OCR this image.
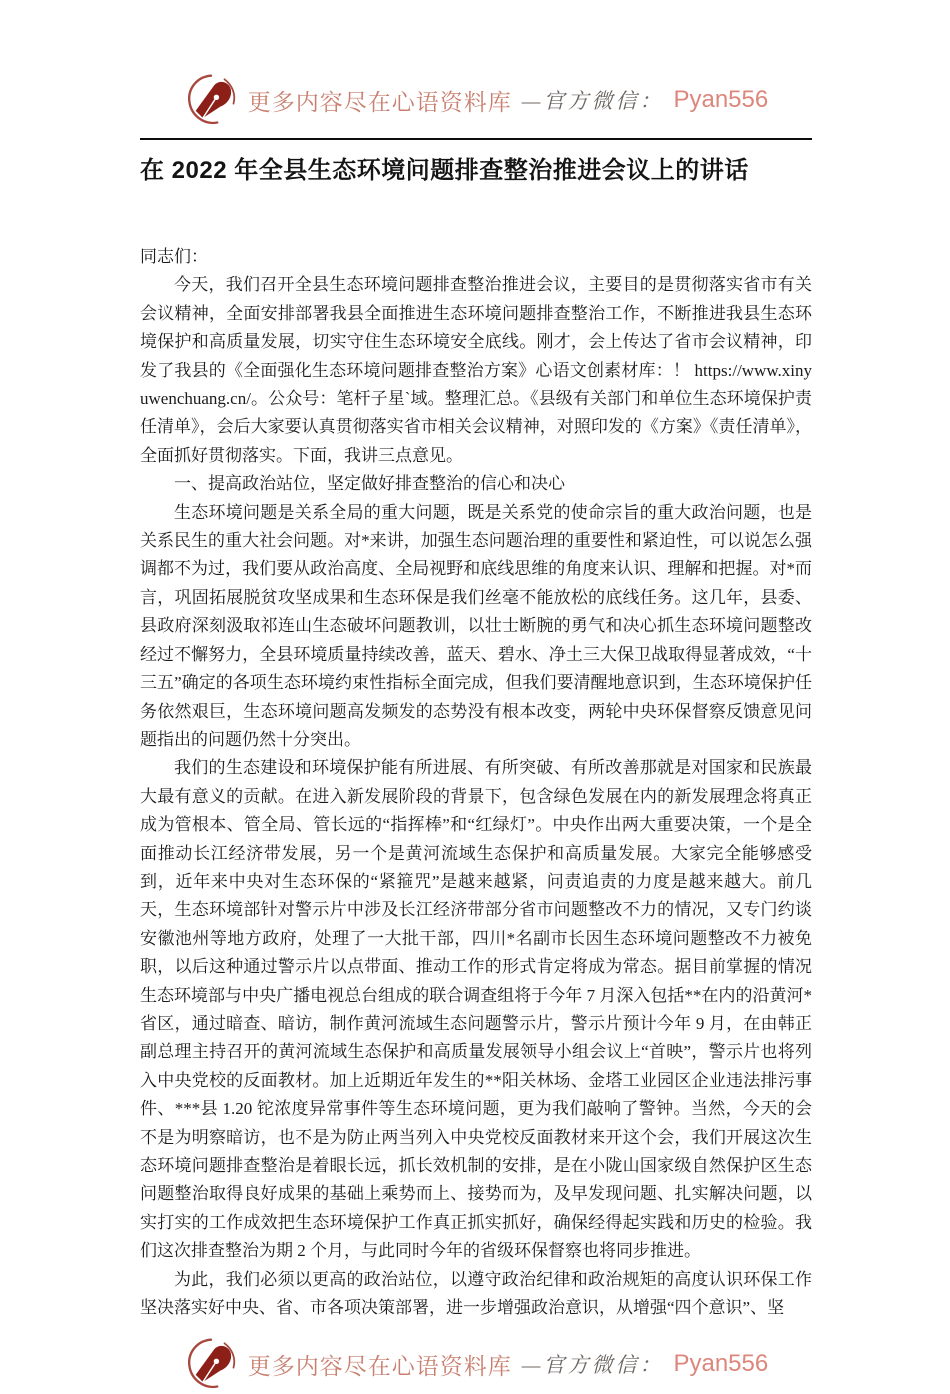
更多内容尽在心语资料库 —官方微信： Pyan556
在 2022 年全县生态环境问题排查整治推进会议上的讲话

同志们：

今天，我们召开全县生态环境问题排查整治推进会议，主要目的是贯彻落实省市有关会议精神，全面安排部署我县全面推进生态环境问题排查整治工作，不断推进我县生态环境保护和高质量发展，切实守住生态环境安全底线。刚才，会上传达了省市会议精神，印发了我县的《全面强化生态环境问题排查整治方案》心语文创素材库：！ https://www.xinyuwenchuang.cn/。公众号：笔杆子星`域。整理汇总。《县级有关部门和单位生态环境保护责任清单》，会后大家要认真贯彻落实省市相关会议精神，对照印发的《方案》《责任清单》，全面抓好贯彻落实。下面，我讲三点意见。

一、提高政治站位，坚定做好排查整治的信心和决心

生态环境问题是关系全局的重大问题，既是关系党的使命宗旨的重大政治问题，也是关系民生的重大社会问题。对*来讲，加强生态问题治理的重要性和紧迫性，可以说怎么强调都不为过，我们要从政治高度、全局视野和底线思维的角度来认识、理解和把握。对*而言，巩固拓展脱贫攻坚成果和生态环保是我们丝毫不能放松的底线任务。这几年，县委、县政府深刻汲取祁连山生态破坏问题教训，以壮士断腕的勇气和决心抓生态环境问题整改经过不懈努力，全县环境质量持续改善，蓝天、碧水、净土三大保卫战取得显著成效，“十三五”确定的各项生态环境约束性指标全面完成，但我们要清醒地意识到，生态环境保护任务依然艰巨，生态环境问题高发频发的态势没有根本改变，两轮中央环保督察反馈意见问题指出的问题仍然十分突出。

我们的生态建设和环境保护能有所进展、有所突破、有所改善那就是对国家和民族最大最有意义的贡献。在进入新发展阶段的背景下，包含绿色发展在内的新发展理念将真正成为管根本、管全局、管长远的“指挥棒”和“红绿灯”。中央作出两大重要决策，一个是全面推动长江经济带发展，另一个是黄河流域生态保护和高质量发展。大家完全能够感受到，近年来中央对生态环保的“紧箍咒”是越来越紧，问责追责的力度是越来越大。前几天，生态环境部针对警示片中涉及长江经济带部分省市问题整改不力的情况，又专门约谈安徽池州等地方政府，处理了一大批干部，四川*名副市长因生态环境问题整改不力被免职，以后这种通过警示片以点带面、推动工作的形式肯定将成为常态。据目前掌握的情况生态环境部与中央广播电视总台组成的联合调查组将于今年 7 月深入包括**在内的沿黄河*省区，通过暗查、暗访，制作黄河流域生态问题警示片，警示片预计今年 9 月，在由韩正副总理主持召开的黄河流域生态保护和高质量发展领导小组会议上“首映”，警示片也将列入中央党校的反面教材。加上近期近年发生的**阳关林场、金塔工业园区企业违法排污事件、***县 1.20 铊浓度异常事件等生态环境问题，更为我们敲响了警钟。当然，今天的会不是为明察暗访，也不是为防止两当列入中央党校反面教材来开这个会，我们开展这次生态环境问题排查整治是着眼长远，抓长效机制的安排，是在小陇山国家级自然保护区生态问题整治取得良好成果的基础上乘势而上、接势而为，及早发现问题、扎实解决问题，以实打实的工作成效把生态环境保护工作真正抓实抓好，确保经得起实践和历史的检验。我们这次排查整治为期 2 个月，与此同时今年的省级环保督察也将同步推进。

为此，我们必须以更高的政治站位，以遵守政治纪律和政治规矩的高度认识环保工作坚决落实好中央、省、市各项决策部署，进一步增强政治意识，从增强“四个意识”、坚

更多内容尽在心语资料库 —官方微信： Pyan556
